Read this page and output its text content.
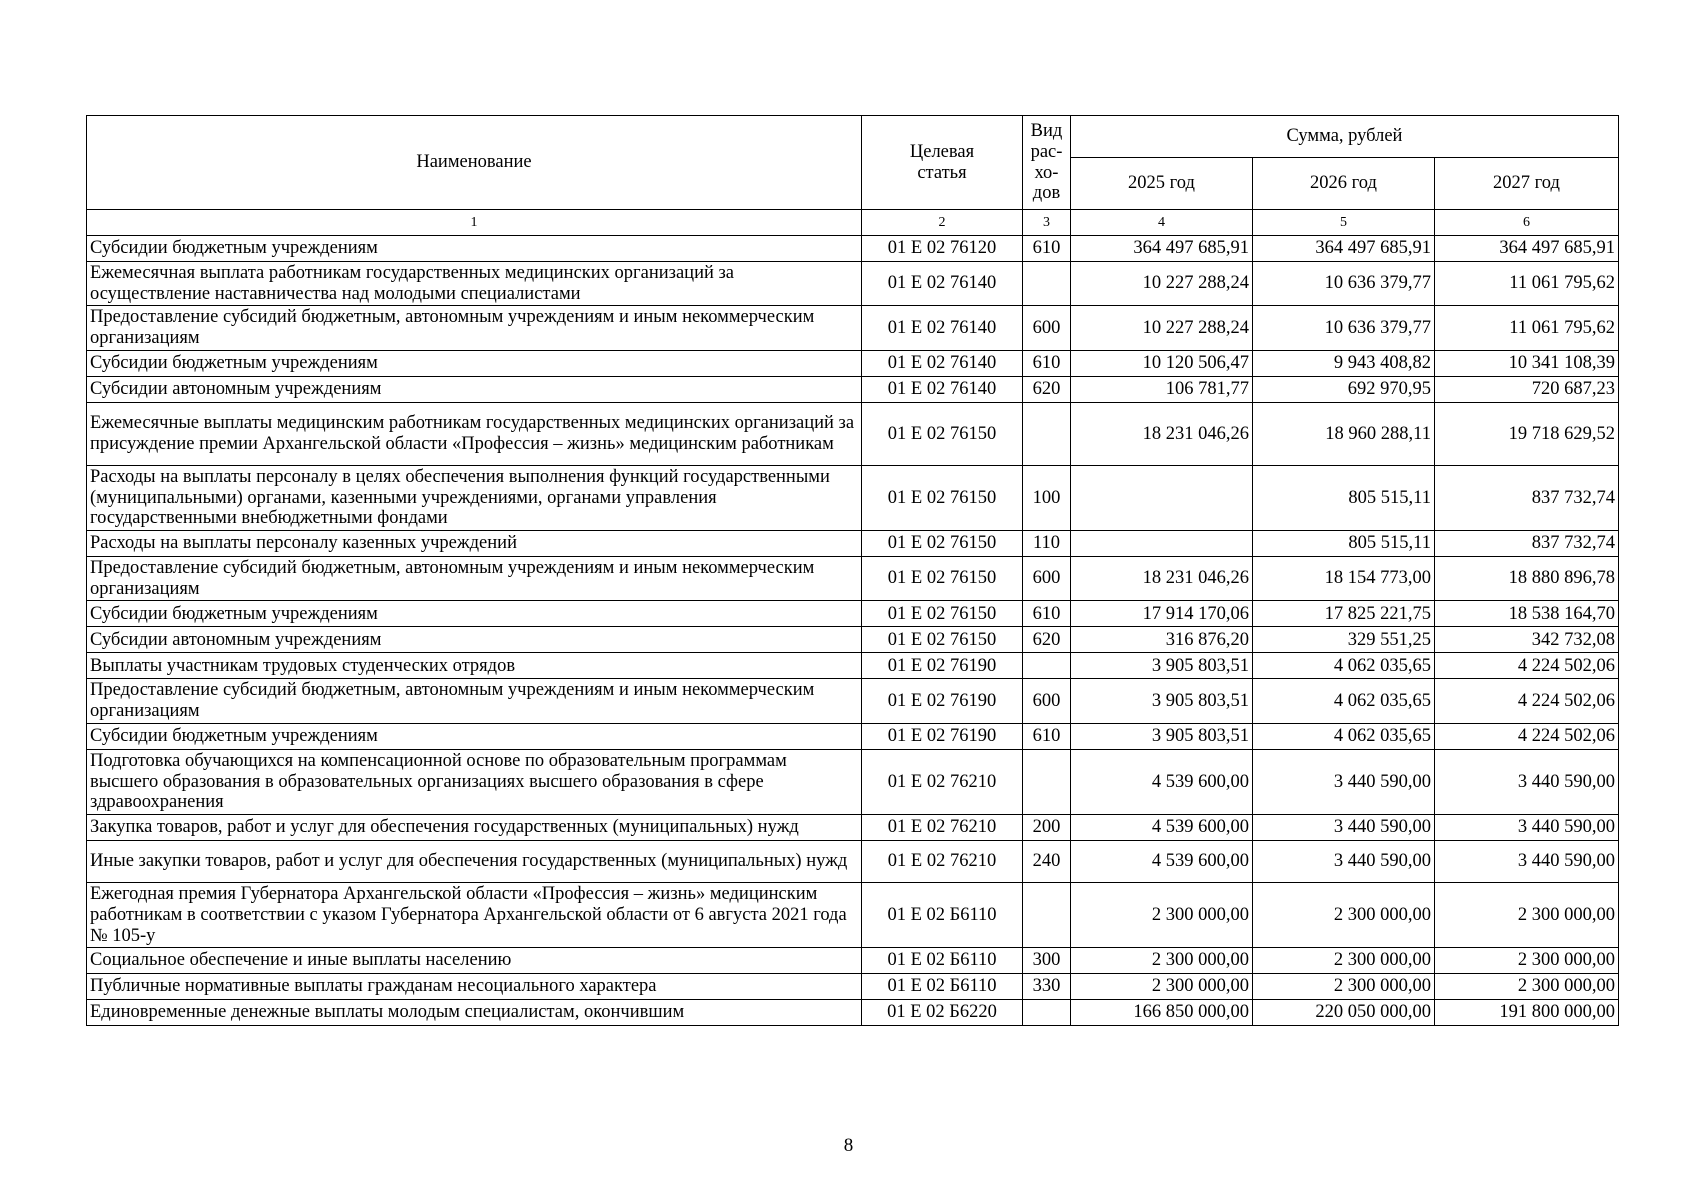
Наименование	Целевая статья	Вид рас-хо-дов	Сумма, рублей		
			2025 год	2026 год	2027 год
1	2	3	4	5	6
Субсидии бюджетным учреждениям	01 Е 02 76120	610	364 497 685,91	364 497 685,91	364 497 685,91
Ежемесячная выплата работникам государственных медицинских организаций за осуществление наставничества над молодыми специалистами	01 Е 02 76140		10 227 288,24	10 636 379,77	11 061 795,62
Предоставление субсидий бюджетным, автономным учреждениям и иным некоммерческим организациям	01 Е 02 76140	600	10 227 288,24	10 636 379,77	11 061 795,62
Субсидии бюджетным учреждениям	01 Е 02 76140	610	10 120 506,47	9 943 408,82	10 341 108,39
Субсидии автономным учреждениям	01 Е 02 76140	620	106 781,77	692 970,95	720 687,23
Ежемесячные выплаты медицинским работникам государственных медицинских организаций за присуждение премии Архангельской области «Профессия – жизнь» медицинским работникам	01 Е 02 76150		18 231 046,26	18 960 288,11	19 718 629,52
Расходы на выплаты персоналу в целях обеспечения выполнения функций государственными (муниципальными) органами, казенными учреждениями, органами управления государственными внебюджетными фондами	01 Е 02 76150	100		805 515,11	837 732,74
Расходы на выплаты персоналу казенных учреждений	01 Е 02 76150	110		805 515,11	837 732,74
Предоставление субсидий бюджетным, автономным учреждениям и иным некоммерческим организациям	01 Е 02 76150	600	18 231 046,26	18 154 773,00	18 880 896,78
Субсидии бюджетным учреждениям	01 Е 02 76150	610	17 914 170,06	17 825 221,75	18 538 164,70
Субсидии автономным учреждениям	01 Е 02 76150	620	316 876,20	329 551,25	342 732,08
Выплаты участникам трудовых студенческих отрядов	01 Е 02 76190		3 905 803,51	4 062 035,65	4 224 502,06
Предоставление субсидий бюджетным, автономным учреждениям и иным некоммерческим организациям	01 Е 02 76190	600	3 905 803,51	4 062 035,65	4 224 502,06
Субсидии бюджетным учреждениям	01 Е 02 76190	610	3 905 803,51	4 062 035,65	4 224 502,06
Подготовка обучающихся на компенсационной основе по образовательным программам высшего образования в образовательных организациях высшего образования в сфере здравоохранения	01 Е 02 76210		4 539 600,00	3 440 590,00	3 440 590,00
Закупка товаров, работ и услуг для обеспечения государственных (муниципальных) нужд	01 Е 02 76210	200	4 539 600,00	3 440 590,00	3 440 590,00
Иные закупки товаров, работ и услуг для обеспечения государственных (муниципальных) нужд	01 Е 02 76210	240	4 539 600,00	3 440 590,00	3 440 590,00
Ежегодная премия Губернатора Архангельской области «Профессия – жизнь» медицинским работникам в соответствии с указом Губернатора Архангельской области от 6 августа 2021 года № 105-у	01 Е 02 Б6110		2 300 000,00	2 300 000,00	2 300 000,00
Социальное обеспечение и иные выплаты населению	01 Е 02 Б6110	300	2 300 000,00	2 300 000,00	2 300 000,00
Публичные нормативные выплаты гражданам несоциального характера	01 Е 02 Б6110	330	2 300 000,00	2 300 000,00	2 300 000,00
Единовременные денежные выплаты молодым специалистам, окончившим	01 Е 02 Б6220		166 850 000,00	220 050 000,00	191 800 000,00
8
